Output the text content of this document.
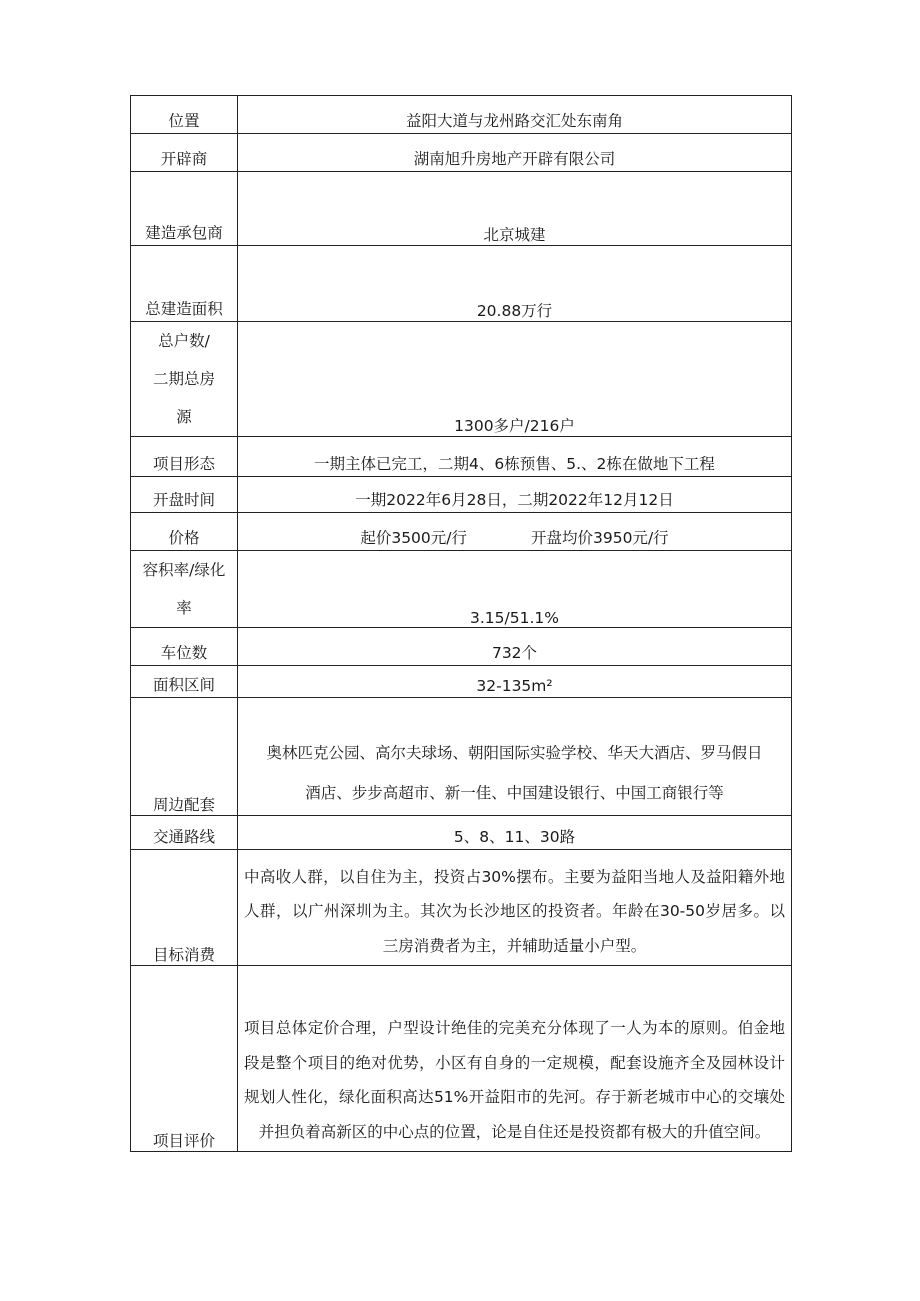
位置	益阳大道与龙州路交汇处东南角

开辟商	湖南旭升房地产开辟有限公司

建造承包商	北京城建

总建造面积	20.88万行

总户数/
二期总房
源	1300多户/216户

项目形态	一期主体已完工，二期4、6栋预售、5.、2栋在做地下工程

开盘时间	一期2022年6月28日，二期2022年12月12日

价格	起价3500元/行 开盘均价3950元/行

容积率/绿化
率	3.15/51.1%

车位数	732个

面积区间	32-135m²

周边配套	奥林匹克公园、高尔夫球场、朝阳国际实验学校、华天大酒店、罗马假日
酒店、步步高超市、新一佳、中国建设银行、中国工商银行等

交通路线	5、8、11、30路

目标消费	中高收人群，以自住为主，投资占30%摆布。主要为益阳当地人及益阳籍外地人群，以广州深圳为主。其次为长沙地区的投资者。年龄在30-50岁居多。以三房消费者为主，并辅助适量小户型。

项目评价	项目总体定价合理，户型设计绝佳的完美充分体现了一人为本的原则。伯金地段是整个项目的绝对优势，小区有自身的一定规模，配套设施齐全及园林设计规划人性化，绿化面积高达51%开益阳市的先河。存于新老城市中心的交壤处并担负着高新区的中心点的位置，论是自住还是投资都有极大的升值空间。
